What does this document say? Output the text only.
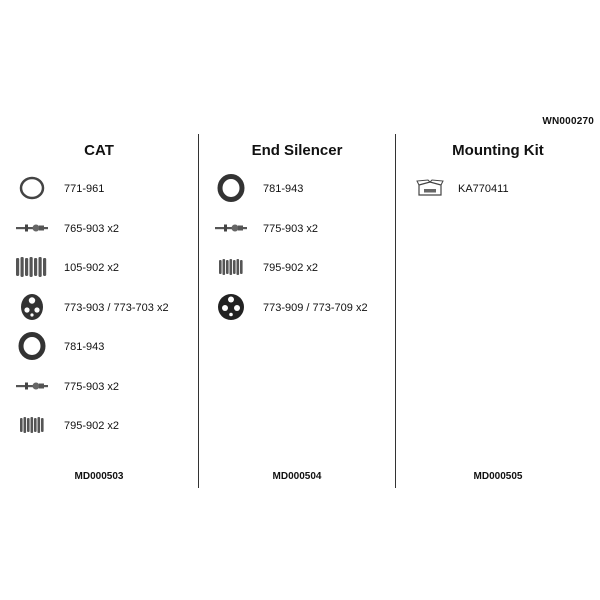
WN000270
CAT
771-961
765-903 x2
105-902 x2
773-903 / 773-703 x2
781-943
775-903 x2
795-902 x2
MD000503
End Silencer
781-943
775-903 x2
795-902 x2
773-909 / 773-709 x2
MD000504
Mounting Kit
KA770411
MD000505
